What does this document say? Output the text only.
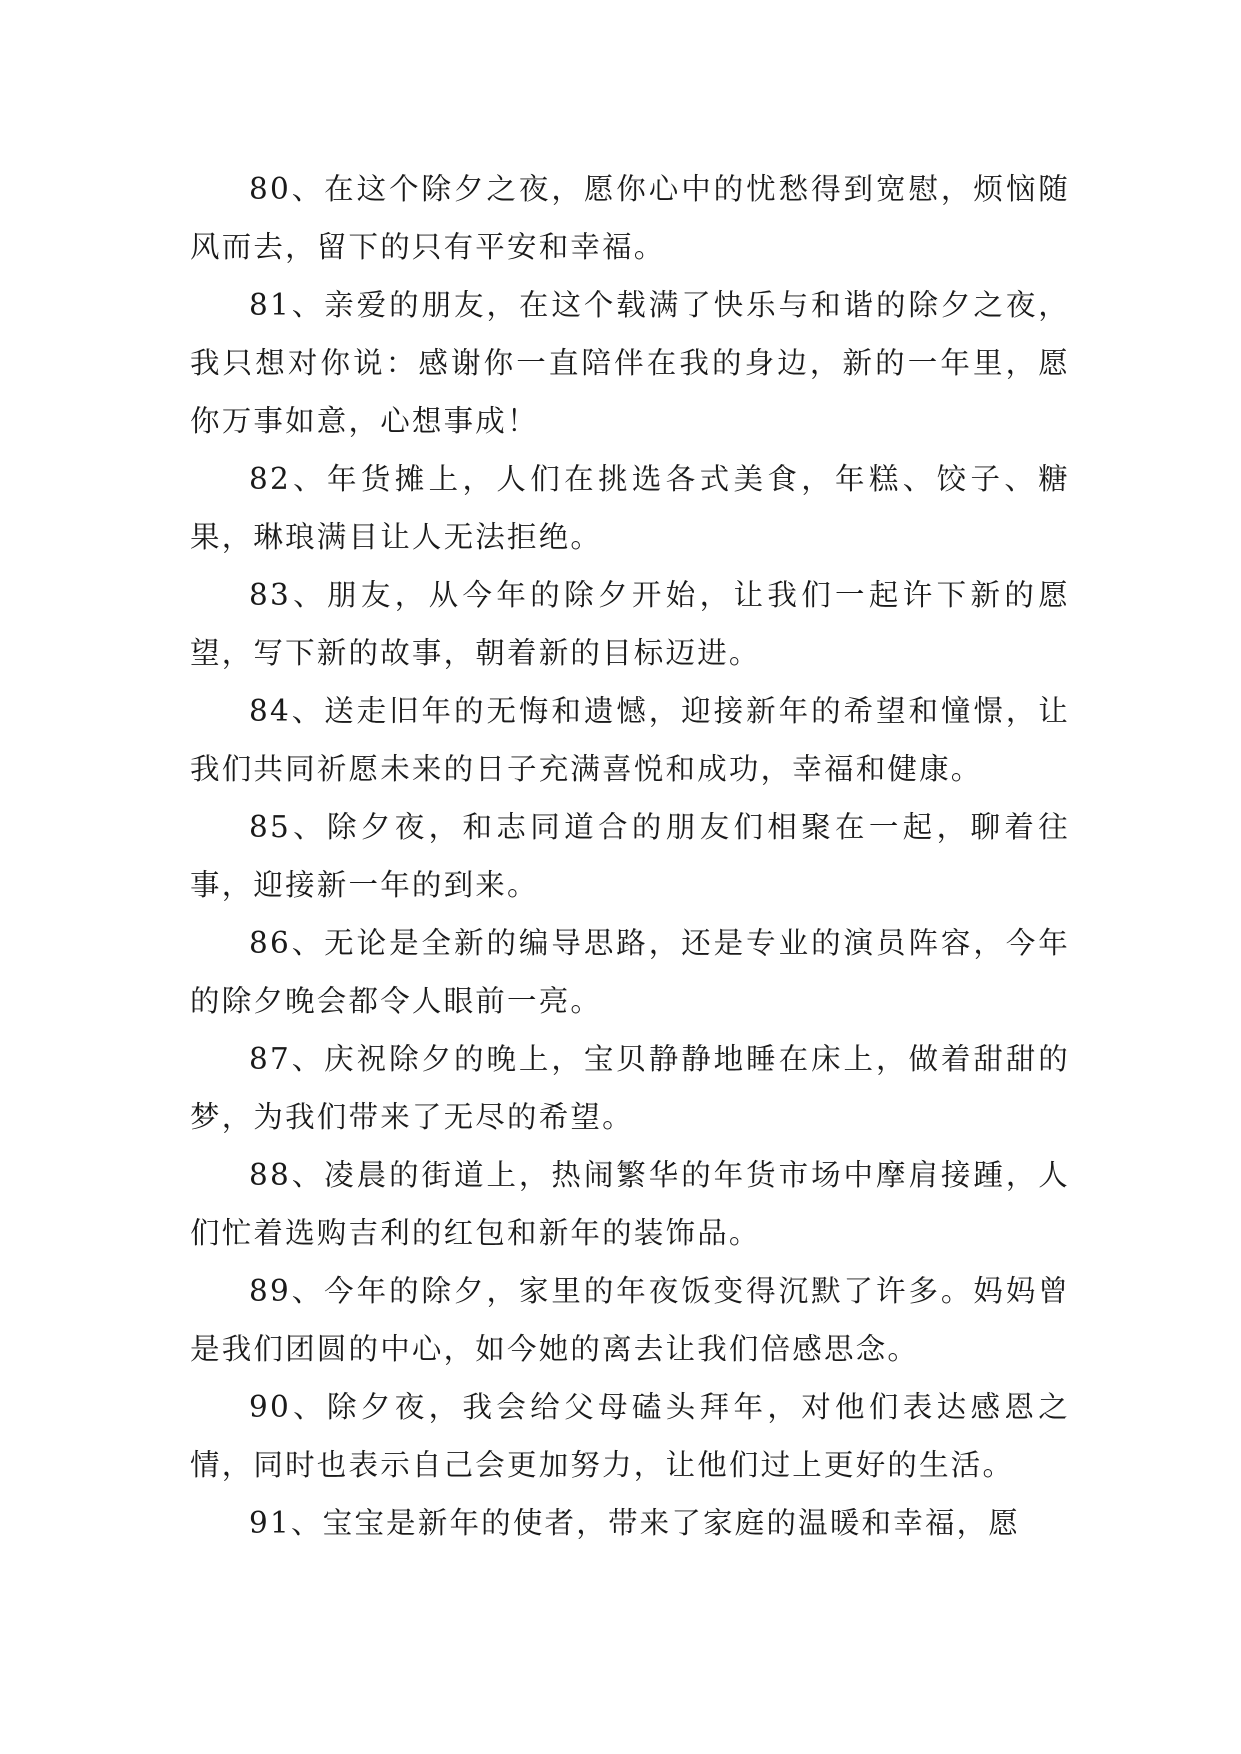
80、在这个除夕之夜，愿你心中的忧愁得到宽慰，烦恼随风而去，留下的只有平安和幸福。

81、亲爱的朋友，在这个载满了快乐与和谐的除夕之夜，我只想对你说：感谢你一直陪伴在我的身边，新的一年里，愿你万事如意，心想事成！

82、年货摊上，人们在挑选各式美食，年糕、饺子、糖果，琳琅满目让人无法拒绝。

83、朋友，从今年的除夕开始，让我们一起许下新的愿望，写下新的故事，朝着新的目标迈进。

84、送走旧年的无悔和遗憾，迎接新年的希望和憧憬，让我们共同祈愿未来的日子充满喜悦和成功，幸福和健康。

85、除夕夜，和志同道合的朋友们相聚在一起，聊着往事，迎接新一年的到来。

86、无论是全新的编导思路，还是专业的演员阵容，今年的除夕晚会都令人眼前一亮。

87、庆祝除夕的晚上，宝贝静静地睡在床上，做着甜甜的梦，为我们带来了无尽的希望。

88、凌晨的街道上，热闹繁华的年货市场中摩肩接踵，人们忙着选购吉利的红包和新年的装饰品。

89、今年的除夕，家里的年夜饭变得沉默了许多。妈妈曾是我们团圆的中心，如今她的离去让我们倍感思念。

90、除夕夜，我会给父母磕头拜年，对他们表达感恩之情，同时也表示自己会更加努力，让他们过上更好的生活。

91、宝宝是新年的使者，带来了家庭的温暖和幸福，愿
